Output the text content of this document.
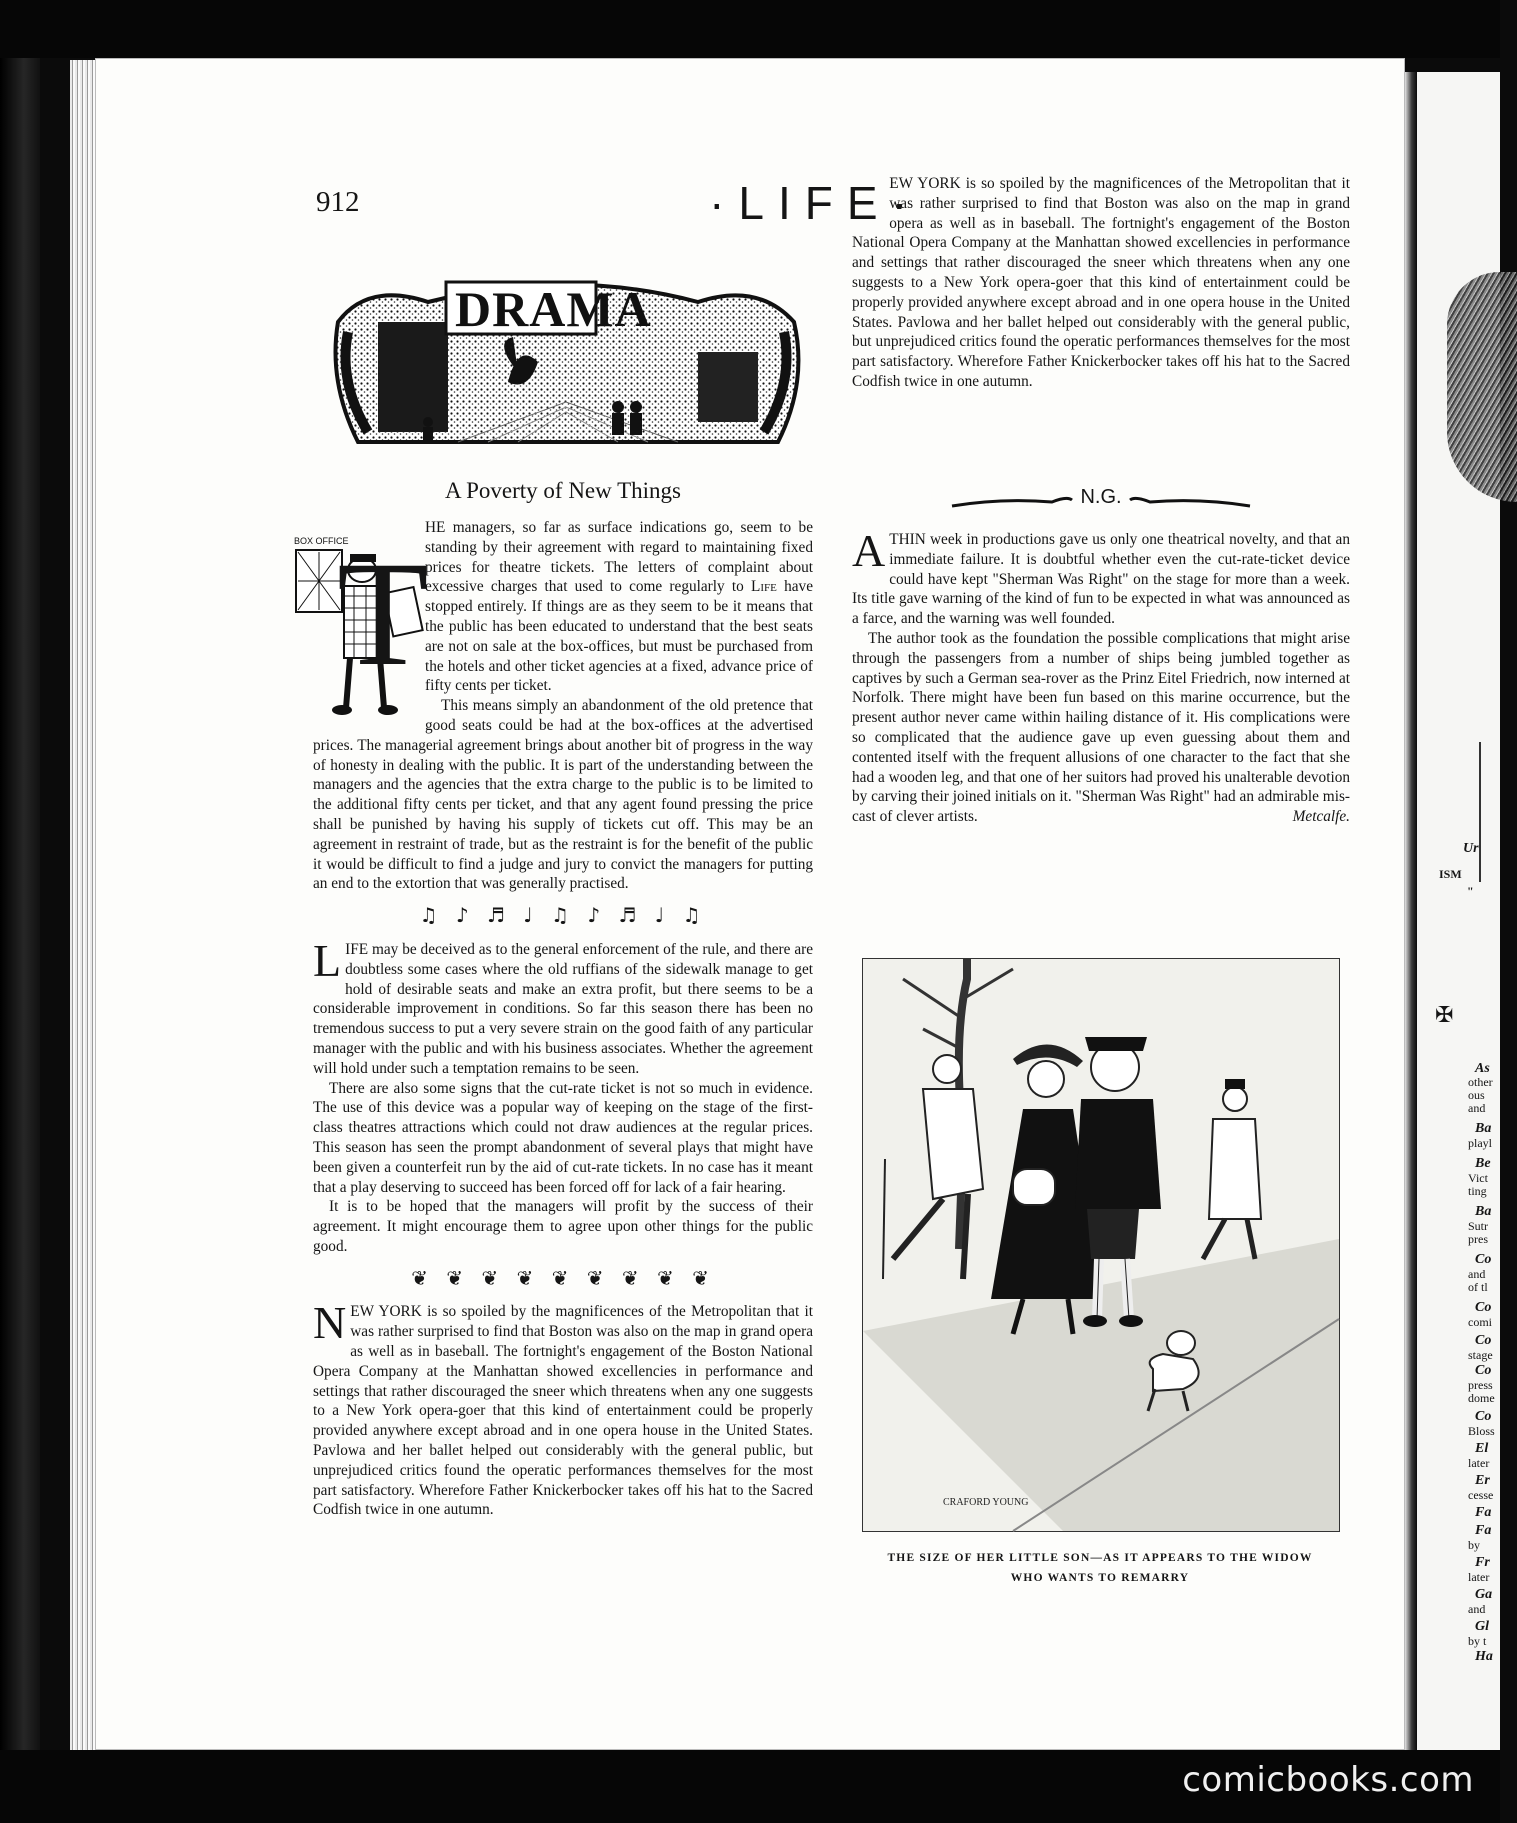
Ur
ISM
"
✠
As
other
ous
and
Ba
playl
Be
Vict
ting
Ba
Sutr
pres
Co
and
of tl
Co
comi
Co
stage
Co
press
dome
Co
Bloss
El
later
Er
cesse
Fa
Fa
by
Fr
later
Ga
and
Gl
by t
Ha
912	·LIFE·
DRAMA
A Poverty of New Things
BOX OFFICE
T

HE managers, so far as surface indications go, seem to be standing by their agreement with regard to maintaining fixed prices for theatre tickets. The letters of complaint about excessive charges that used to come regularly to Life have stopped entirely. If things are as they seem to be it means that the public has been educated to understand that the best seats are not on sale at the box-offices, but must be purchased from the hotels and other ticket agencies at a fixed, advance price of fifty cents per ticket.

This means simply an abandonment of the old pretence that good seats could be had at the box-offices at the advertised prices. The managerial agreement brings about another bit of progress in the way of honesty in dealing with the public. It is part of the understanding between the managers and the agencies that the extra charge to the public is to be limited to the additional fifty cents per ticket, and that any agent found pressing the price shall be punished by having his supply of tickets cut off. This may be an agreement in restraint of trade, but as the restraint is for the benefit of the public it would be difficult to find a judge and jury to convict the managers for putting an end to the extortion that was generally practised.

♫ ♪ ♬ ♩ ♫ ♪ ♬ ♩ ♫

LIFE may be deceived as to the general enforcement of the rule, and there are doubtless some cases where the old ruffians of the sidewalk manage to get hold of desirable seats and make an extra profit, but there seems to be a considerable improvement in conditions. So far this season there has been no tremendous success to put a very severe strain on the good faith of any particular manager with the public and with his business associates. Whether the agreement will hold under such a temptation remains to be seen.

There are also some signs that the cut-rate ticket is not so much in evidence. The use of this device was a popular way of keeping on the stage of the first-class theatres attractions which could not draw audiences at the regular prices. This season has seen the prompt abandonment of several plays that might have been given a counterfeit run by the aid of cut-rate tickets. In no case has it meant that a play deserving to succeed has been forced off for lack of a fair hearing.

It is to be hoped that the managers will profit by the success of their agreement. It might encourage them to agree upon other things for the public good.

❦ ❦ ❦ ❦ ❦ ❦ ❦ ❦ ❦

NEW YORK is so spoiled by the magnificences of the Metropolitan that it was rather surprised to find that Boston was also on the map in grand opera as well as in baseball. The fortnight's engagement of the Boston National Opera Company at the Manhattan showed excellencies in performance and settings that rather discouraged the sneer which threatens when any one suggests to a New York opera-goer that this kind of entertainment could be properly provided anywhere except abroad and in one opera house in the United States. Pavlowa and her ballet helped out considerably with the general public, but unprejudiced critics found the operatic performances themselves for the most part satisfactory. Wherefore Father Knickerbocker takes off his hat to the Sacred Codfish twice in one autumn.

EW YORK is so spoiled by the magnificences of the Metropolitan that it was rather surprised to find that Boston was also on the map in grand opera as well as in baseball. The fortnight's engagement of the Boston National Opera Company at the Manhattan showed excellencies in performance and settings that rather discouraged the sneer which threatens when any one suggests to a New York opera-goer that this kind of entertainment could be properly provided anywhere except abroad and in one opera house in the United States. Pavlowa and her ballet helped out considerably with the general public, but unprejudiced critics found the operatic performances themselves for the most part satisfactory. Wherefore Father Knickerbocker takes off his hat to the Sacred Codfish twice in one autumn.

N.G.

ATHIN week in productions gave us only one theatrical novelty, and that an immediate failure. It is doubtful whether even the cut-rate-ticket device could have kept "Sherman Was Right" on the stage for more than a week. Its title gave warning of the kind of fun to be expected in what was announced as a farce, and the warning was well founded.

The author took as the foundation the possible complications that might arise through the passengers from a number of ships being jumbled together as captives by such a German sea-rover as the Prinz Eitel Friedrich, now interned at Norfolk. There might have been fun based on this marine occurrence, but the present author never came within hailing distance of it. His complications were so complicated that the audience gave up even guessing about them and contented itself with the frequent allusions of one character to the fact that she had a wooden leg, and that one of her suitors had proved his unalterable devotion by carving their joined initials on it. "Sherman Was Right" had an admirable mis-cast of clever artists.	Metcalfe.

CRAFORD YOUNG
THE SIZE OF HER LITTLE SON—AS IT APPEARS TO THE WIDOW
WHO WANTS TO REMARRY
comicbooks.com
